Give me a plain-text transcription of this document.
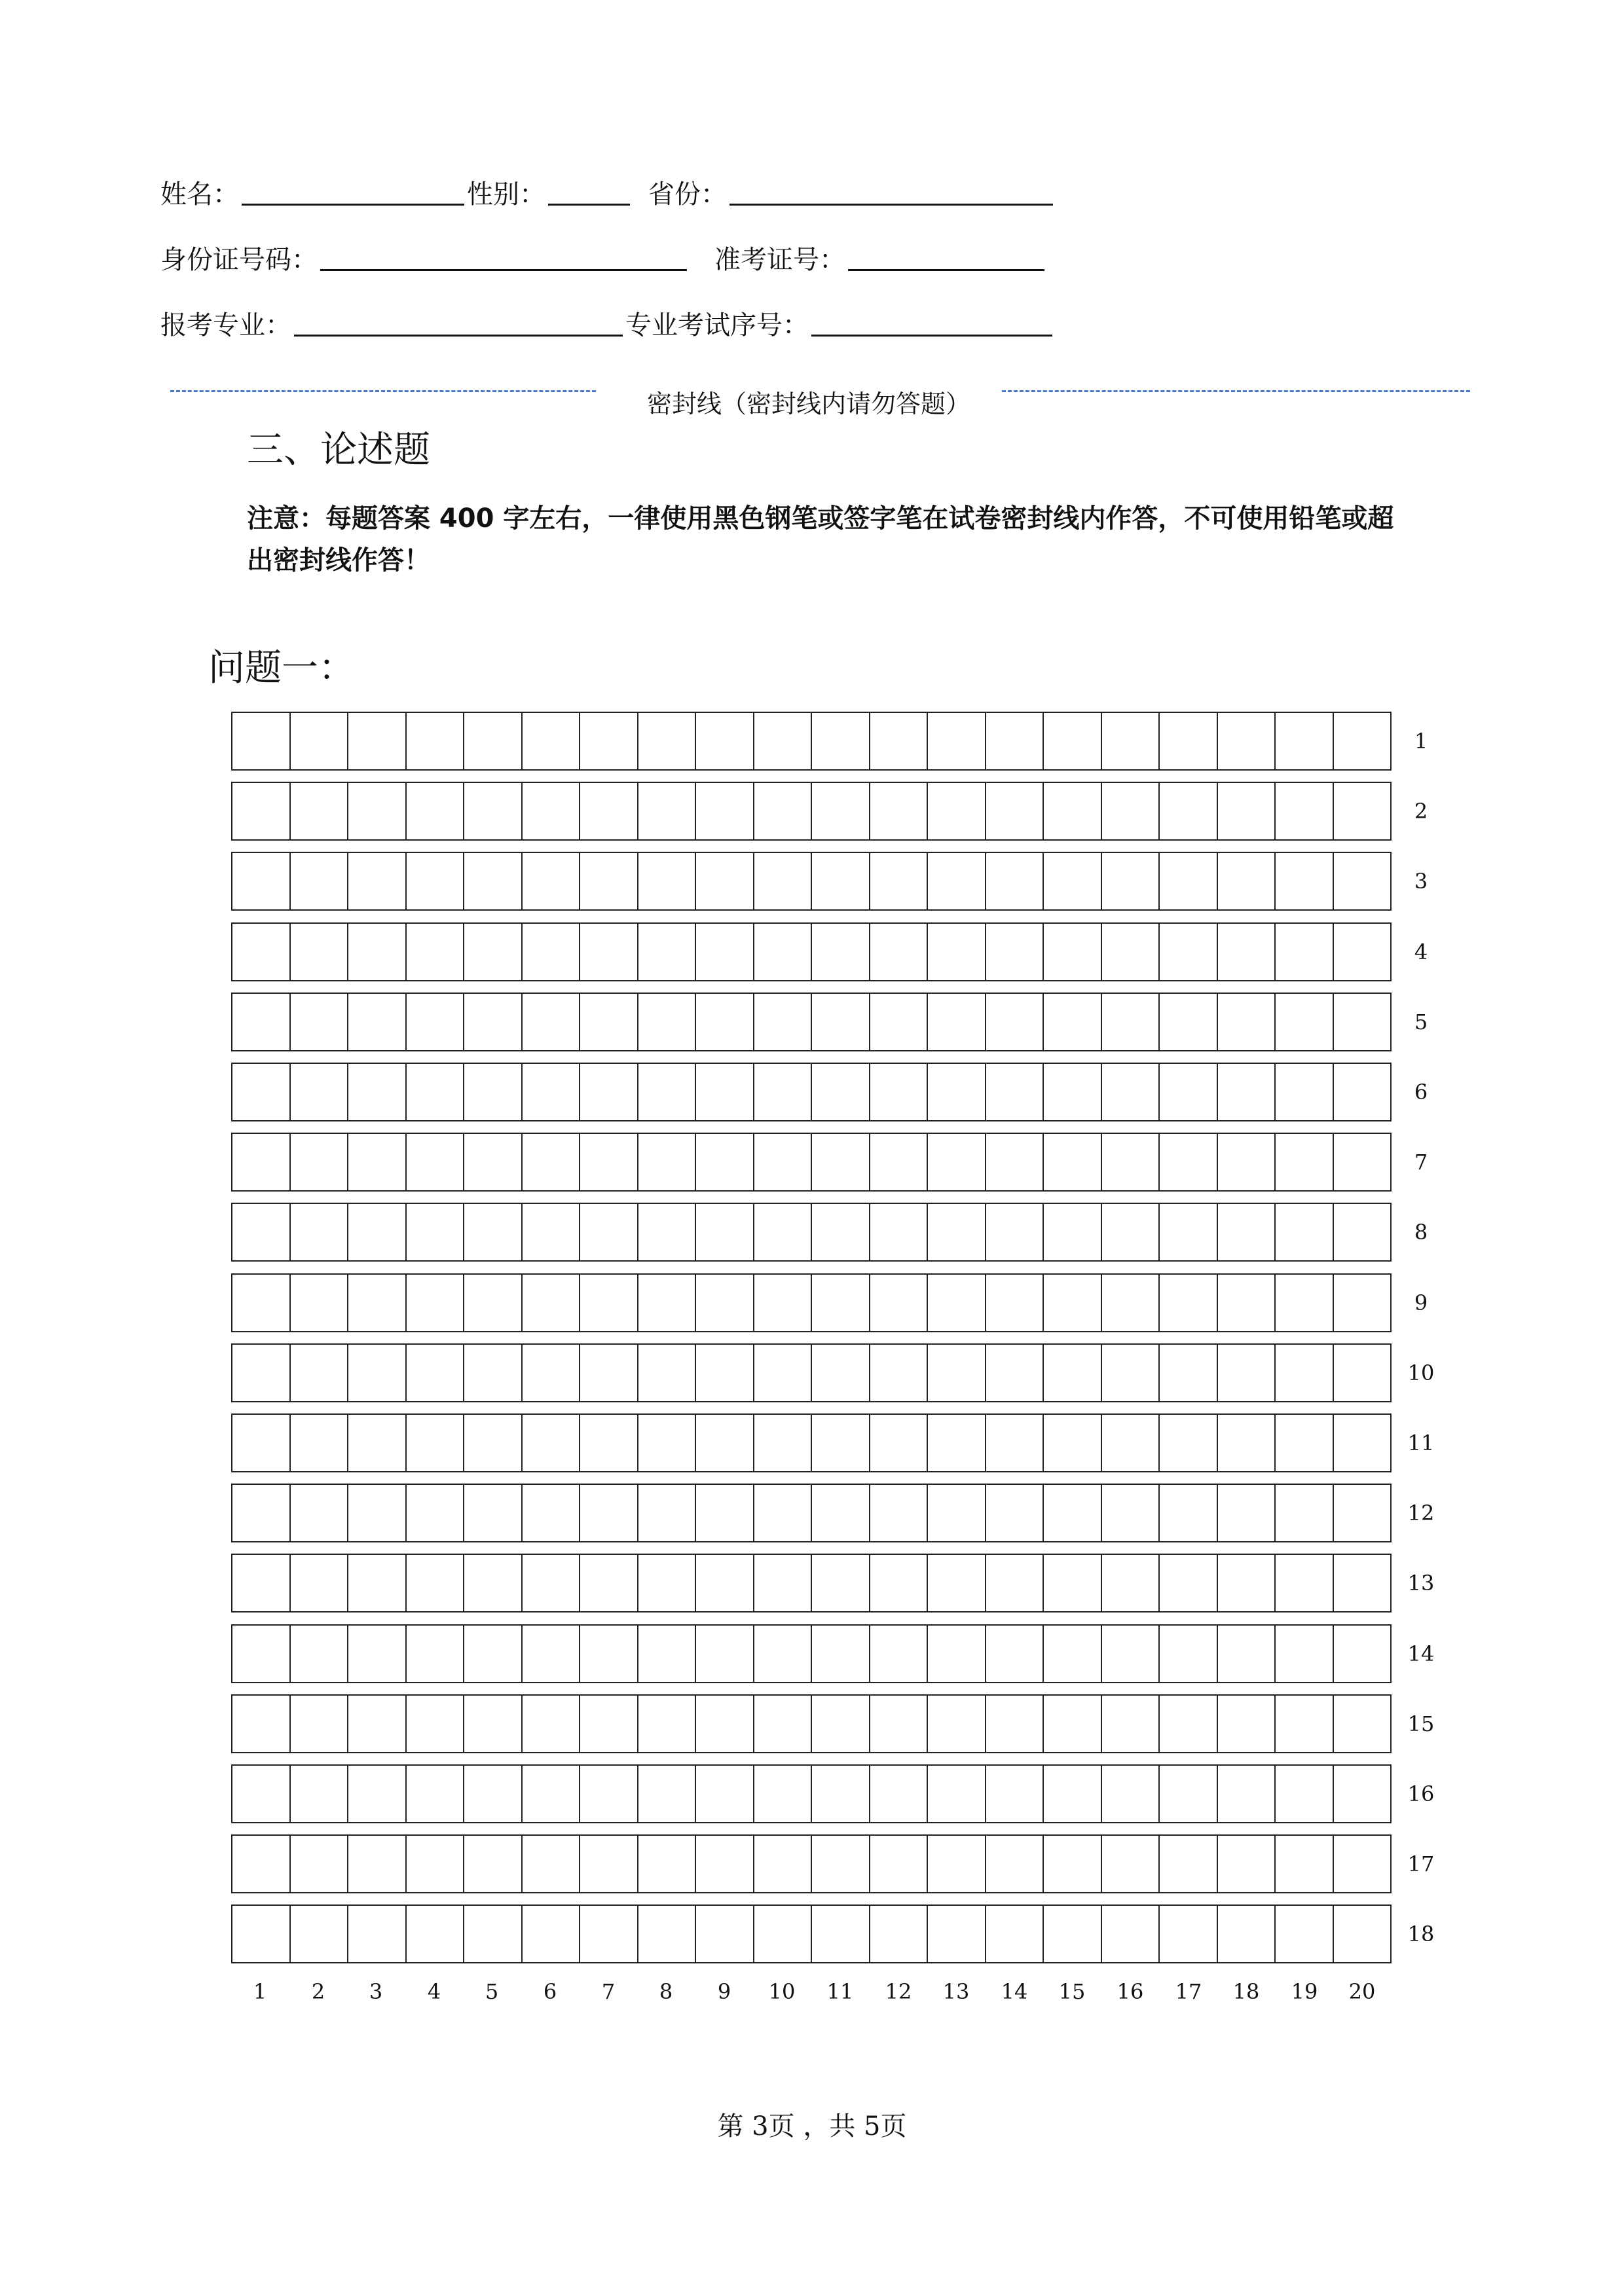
姓名：	性别：	省份：
身份证号码：	准考证号：
报考专业：	专业考试序号：
密封线（密封线内请勿答题）
三、论述题
注意：每题答案 400 字左右，一律使用黑色钢笔或签字笔在试卷密封线内作答，不可使用铅笔或超出密封线作答！
问题一：
1
2
3
4
5
6
7
8
9
10
11
12
13
14
15
16
17
18
1	2	3	4	5	6	7	8	9	10	11	12	13	14	15	16	17	18	19	20
第 3页 ，共 5页
